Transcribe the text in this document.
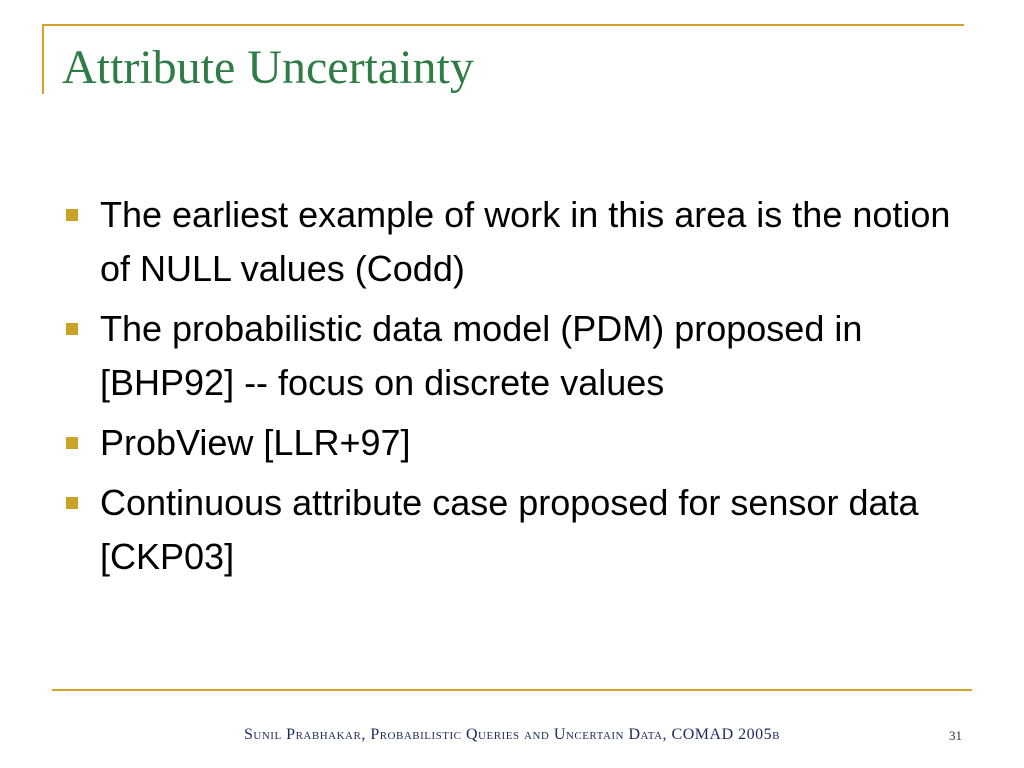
Attribute Uncertainty
The earliest example of work in this area is the notion of NULL values (Codd)
The probabilistic data model (PDM) proposed in [BHP92] -- focus on discrete values
ProbView [LLR+97]
Continuous attribute case proposed for sensor data [CKP03]
Sunil Prabhakar, Probabilistic Queries and Uncertain Data, COMAD 2005b	31
